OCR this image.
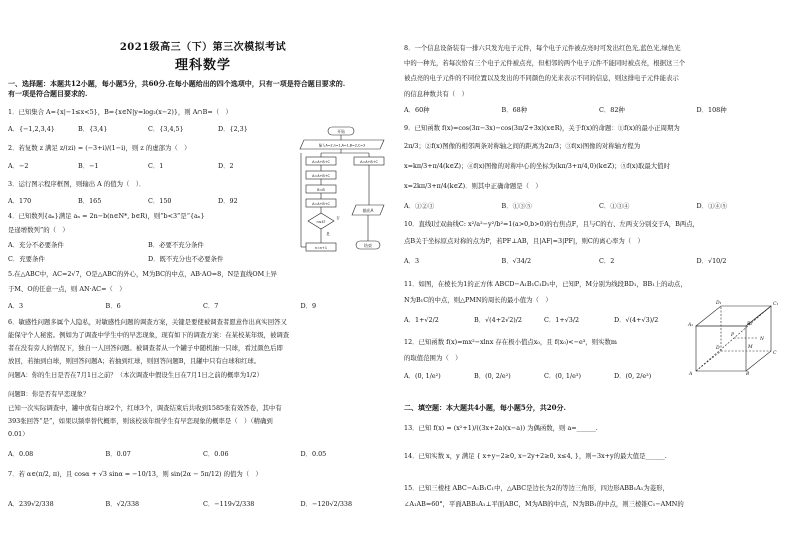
2021级高三（下）第三次模拟考试
理科数学
一、选择题：本题共12小题，每小题5分，共60分.在每小题给出的四个选项中，只有一项是符合题目要求的.
有一项是符合题目要求的.
1．已知集合 A={x|−1≤x<5}，B={x∈N|y=log₂(x−2)}，则 A∩B=（　）
A．{−1,2,3,4}	B．{3,4}	C．{3,4,5}	D．{2,3}
2．若复数 z 满足 z/(zi) = (−3+i)/(1−i)，则 z 的虚部为（　）
A．−2	B．−1	C．1	D．2
3．运行图示程序框图，则输出 A 的值为（　）．
A．170	B．165	C．150	D．92
4．已知数列{aₙ}满足 aₙ = 2n−b(n∈N*, b∈R)，则“b<3”是“{aₙ}
是递增数列”的（　）
A．充分不必要条件	B．必要不充分条件
C．充要条件	D．既不充分也不必要条件
5.在△ABC中，AC=2√7，O是△ABC的外心，M为BC的中点，AB·AO=8，N是直线OM上异
于M、O的任意一点，则 AN·AC=（　）
A．3	B．6	C．7	D．9
6．敏感性问题多属个人隐私，对敏感性问题的调查方案，关键是要使被调查者愿意作出真实回答又
能保守个人秘密。例如为了调查中学生中的早恋现象，现有如下的调查方案：在某校某年级，被调查
者在没有旁人的情况下，独自一人回答问题。被调查者从一个罐子中随机抽一只球，看过颜色后即
放回，若抽到白球，则回答问题A；若抽到红球，则回答问题B，且罐中只有白球和红球。
问题A：你的生日是否在7月1日之前？（本次调查中假设生日在7月1日之前的概率为1/2）
问题B：你是否有早恋现象？
已知一次实际调查中，罐中放有白球2个，红球3个，调查结束后共收到1585张有效答卷，其中有
393张回答“是”，如果以频率替代概率，则该校该年级学生有早恋现象的概率是（　）（精确到
0.01）
A．0.08	B．0.07	C．0.06	D．0.05
7．若 α∈(π/2, π)，且 cosα + √3 sinα = −10/13，则 sin(2α − 5π/12) 的值为（　）
A．239√2/338	B．√2/338	C．−119√2/338	D．−120√2/338
开始
输入A=2,n=1,A=1,B=2,C=3
A=A+B+C
A=A+B+C
B=B
A=A+B+C
n=n+1
n≤4?
A=A+B+C
输出A
结束
是
否
8．一个信息设备装有一排六只发光电子元件，每个电子元件被点亮时可发出红色光,蓝色光,绿色光
中的一种光，若每次恰有三个电子元件被点亮，但相邻的两个电子元件不能同时被点亮，根据这三个
被点亮的电子元件的不同位置以及发出的不同颜色的光来表示不同的信息，则这排电子元件能表示
的信息种数共有（　）
A．60种	B．68种	C．82种	D．108种
9．已知函数 f(x)=cos(3π−3x)−cos(3π/2+3x)(x∈R)，关于f(x)的命题：①f(x)的最小正周期为
2π/3；②f(x)图像的相邻两条对称轴之间的距离为2π/3；③f(x)图像的对称轴方程为
x=kπ/3+π/4(k∈Z)；④f(x)图像的对称中心的坐标为(kπ/3+π/4,0)(k∈Z)；⑤f(x)取最大值时
x=2kπ/3+π/4(k∈Z)．则其中正确命题是（　）
A．①②③	B．①③⑤	C．①③④	D．①④⑤
10．直线l过双曲线C: x²/a²−y²/b²=1(a>0,b>0)的右焦点F，且与C的右、左两支分别交于A，B两点，
点B关于坐标原点对称的点为P，若PF⊥AB，且|AF|=3|PF|，则C的离心率为（　）
A．3	B．√34/2	C．2	D．√10/2
11．如图，在棱长为1的正方体 ABCD−A₁B₁C₁D₁中，已知P，M分别为线段BD₁，BB₁上的动点，
N为B₁C的中点，则△PMN的周长的最小值为（　）
A．1+√2/2	B．√(4+2√2)/2	C．1+√3/2	D．√(4+√3)/2
12．已知函数 f(x)=mx²−xlnx 存在极小值点x₀，且 f(x₀)<−e³，则实数m
的取值范围为（　）
A．(0, 1/e²)	B．(0, 2/e²)	C．(0, 1/e³)	D．(0, 2/e³)
二、填空题：本大题共4小题，每小题5分，共20分.
13．已知 f(x) = (x²+1)/((3x+2a)(x−a)) 为偶函数，则 a=______.
14．已知实数 x，y 满足 { x+y−2≥0, x−2y+2≥0, x≤4, }，则−3x+y的最大值是______.
15．已知三棱柱 ABC−A₁B₁C₁中，△ABC是边长为2的等边三角形，四边形ABB₁A₁为菱形，
∠A₁AB=60°，平面ABB₁A₁⊥平面ABC，M为AB的中点，N为BB₁的中点，则三棱锥C₁−AMN的
A	B
C
D
A₁	B₁
C₁
D₁
P
M
N
